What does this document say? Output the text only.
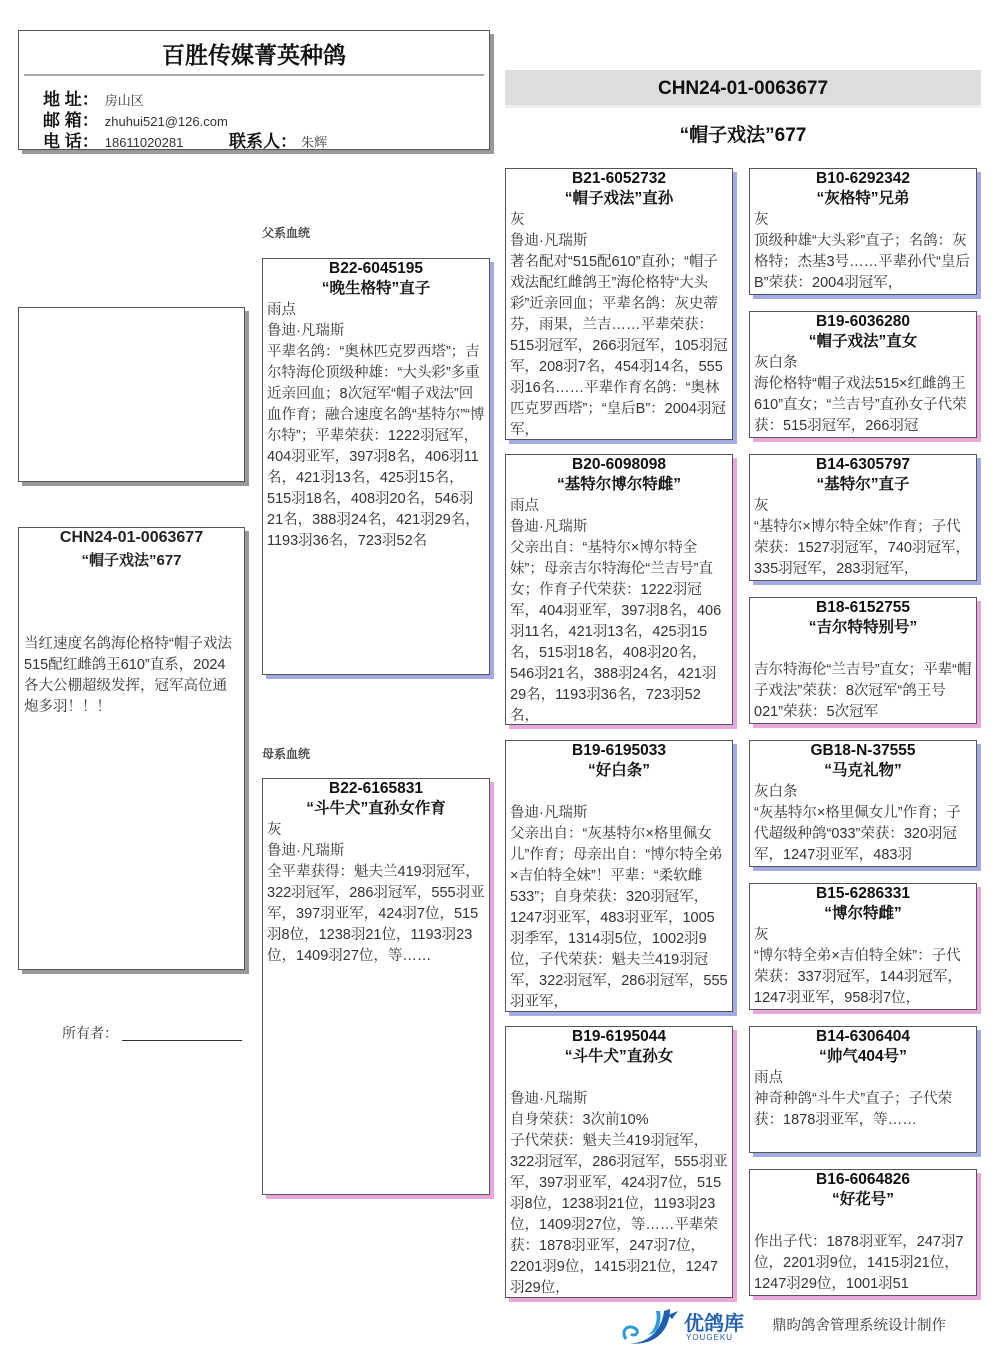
百胜传媒菁英种鸽
地 址： 房山区
邮 箱： zhuhui521@126.com
电 话： 18611020281	联系人： 朱辉
CHN24-01-0063677
“帽子戏法”677
CHN24-01-0063677
“帽子戏法”677
当红速度名鸽海伦格特“帽子戏法515配红雌鸽王610”直系，2024各大公棚超级发挥，冠军高位通炮多羽！！！
所有者：
父系血统
母系血统
B22-6045195
“晚生格特”直子
雨点
鲁迪·凡瑞斯
平辈名鸽：“奥林匹克罗西塔”；吉尔特海伦顶级种雄：“大头彩”多重近亲回血；8次冠军“帽子戏法”回血作育；融合速度名鸽“基特尔”“博尔特”；平辈荣获：1222羽冠军，404羽亚军，397羽8名，406羽11名，421羽13名，425羽15名，515羽18名，408羽20名，546羽21名，388羽24名，421羽29名，1193羽36名，723羽52名
B22-6165831
“斗牛犬”直孙女作育
灰
鲁迪·凡瑞斯
全平辈获得：魁夫兰419羽冠军，322羽冠军，286羽冠军，555羽亚军，397羽亚军，424羽7位，515羽8位，1238羽21位，1193羽23位，1409羽27位，等……
B21-6052732
“帽子戏法”直孙
灰
鲁迪·凡瑞斯
著名配对“515配610”直孙；“帽子戏法配红雌鸽王”海伦格特“大头彩”近亲回血；平辈名鸽：灰史蒂芬，雨果，兰吉……平辈荣获：515羽冠军，266羽冠军，105羽冠军，208羽7名，454羽14名，555羽16名……平辈作育名鸽：“奥林匹克罗西塔”；“皇后B”：2004羽冠军，
B20-6098098
“基特尔博尔特雌”
雨点
鲁迪·凡瑞斯
父亲出自：“基特尔×博尔特全妹”；母亲吉尔特海伦“兰吉号”直女；作育子代荣获：1222羽冠军，404羽亚军，397羽8名，406羽11名，421羽13名，425羽15名，515羽18名，408羽20名，546羽21名，388羽24名，421羽29名，1193羽36名，723羽52名，
B19-6195033
“好白条”
鲁迪·凡瑞斯
父亲出自：“灰基特尔×格里佩女儿”作育；母亲出自：“博尔特全弟×吉伯特全妹”！平辈：“柔软雌533”；自身荣获：320羽冠军，1247羽亚军，483羽亚军，1005羽季军，1314羽5位，1002羽9位，子代荣获：魁夫兰419羽冠军，322羽冠军，286羽冠军，555羽亚军，
B19-6195044
“斗牛犬”直孙女
鲁迪·凡瑞斯
自身荣获：3次前10%
子代荣获：魁夫兰419羽冠军，322羽冠军，286羽冠军，555羽亚军，397羽亚军，424羽7位，515羽8位，1238羽21位，1193羽23位，1409羽27位，等……平辈荣获：1878羽亚军，247羽7位，2201羽9位，1415羽21位，1247羽29位，
B10-6292342
“灰格特”兄弟
灰
顶级种雄“大头彩”直子；名鸽：灰格特；杰基3号……平辈孙代“皇后B”荣获：2004羽冠军，
B19-6036280
“帽子戏法”直女
灰白条
海伦格特“帽子戏法515×红雌鸽王610”直女；“兰吉号”直孙女子代荣获：515羽冠军，266羽冠
B14-6305797
“基特尔”直子
灰
“基特尔×博尔特全妹”作育；子代荣获：1527羽冠军，740羽冠军，335羽冠军，283羽冠军，
B18-6152755
“吉尔特特别号”
吉尔特海伦“兰吉号”直女；平辈“帽子戏法”荣获：8次冠军“鸽王号021”荣获：5次冠军
GB18-N-37555
“马克礼物”
灰白条
“灰基特尔×格里佩女儿”作育；子代超级种鸽“033”荣获：320羽冠军，1247羽亚军，483羽
B15-6286331
“博尔特雌”
灰
“博尔特全弟×吉伯特全妹”：子代荣获：337羽冠军，144羽冠军，1247羽亚军，958羽7位，
B14-6306404
“帅气404号”
雨点
神奇种鸽“斗牛犬”直子；子代荣获：1878羽亚军，等……
B16-6064826
“好花号”
作出子代：1878羽亚军，247羽7位，2201羽9位，1415羽21位，1247羽29位，1001羽51
优鸽库
YOUGEKU
鼎昀鸽舍管理系统设计制作
